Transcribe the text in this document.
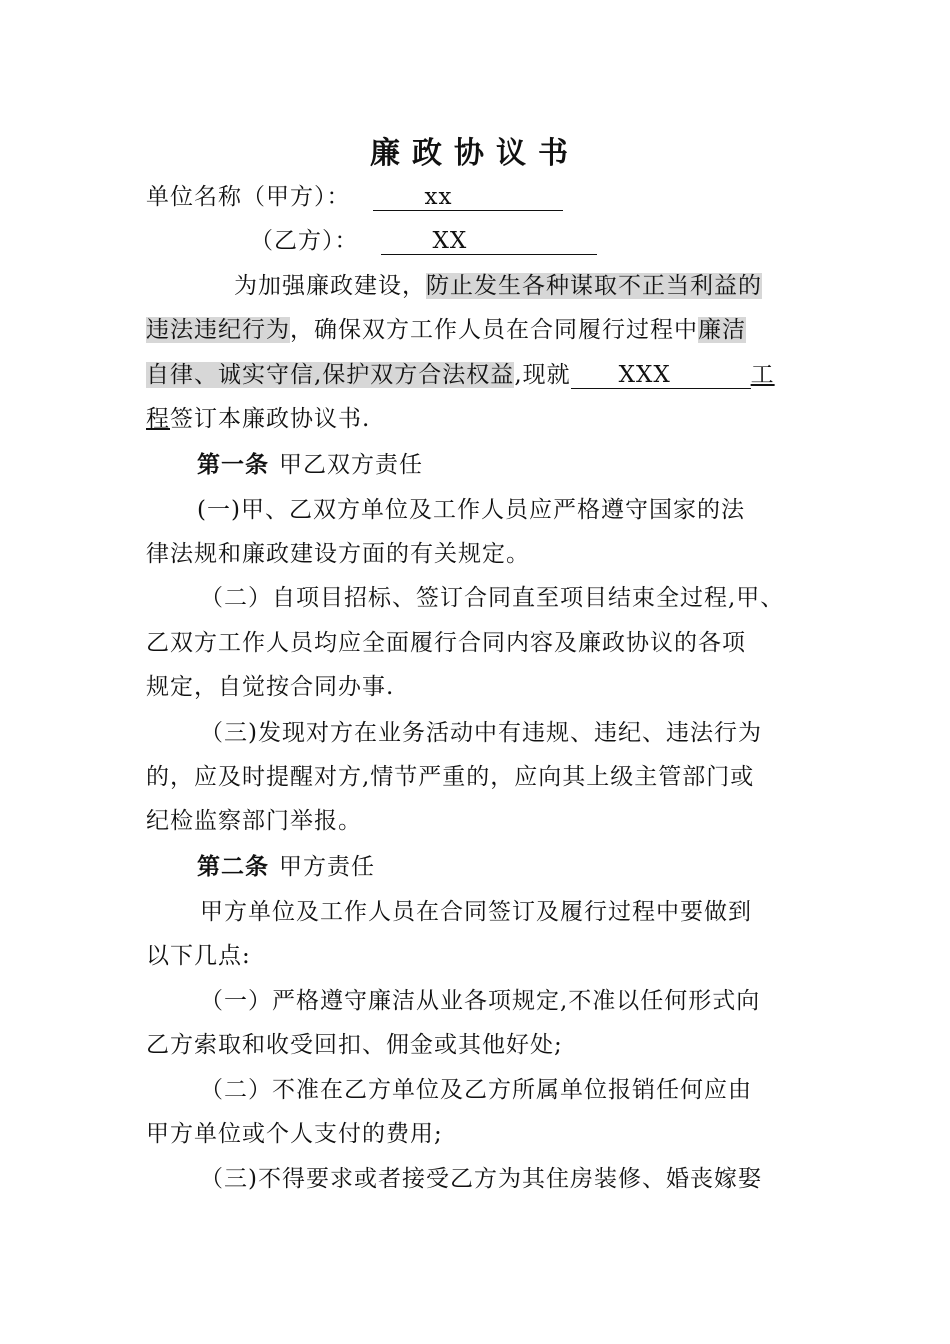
廉政协议书
单位名称（甲方）：	xx
（乙方）：	XX
为加强廉政建设，防止发生各种谋取不正当利益的
违法违纪行为，确保双方工作人员在合同履行过程中廉洁
自律、诚实守信,保护双方合法权益,现就 XXX	工
程签订本廉政协议书.
第一条 甲乙双方责任
(一)甲、乙双方单位及工作人员应严格遵守国家的法
律法规和廉政建设方面的有关规定。
（二）自项目招标、签订合同直至项目结束全过程,甲、
乙双方工作人员均应全面履行合同内容及廉政协议的各项
规定，自觉按合同办事.
（三)发现对方在业务活动中有违规、违纪、违法行为
的，应及时提醒对方,情节严重的，应向其上级主管部门或
纪检监察部门举报。
第二条 甲方责任
甲方单位及工作人员在合同签订及履行过程中要做到
以下几点:
（一）严格遵守廉洁从业各项规定,不准以任何形式向
乙方索取和收受回扣、佣金或其他好处;
（二）不准在乙方单位及乙方所属单位报销任何应由
甲方单位或个人支付的费用;
（三)不得要求或者接受乙方为其住房装修、婚丧嫁娶
